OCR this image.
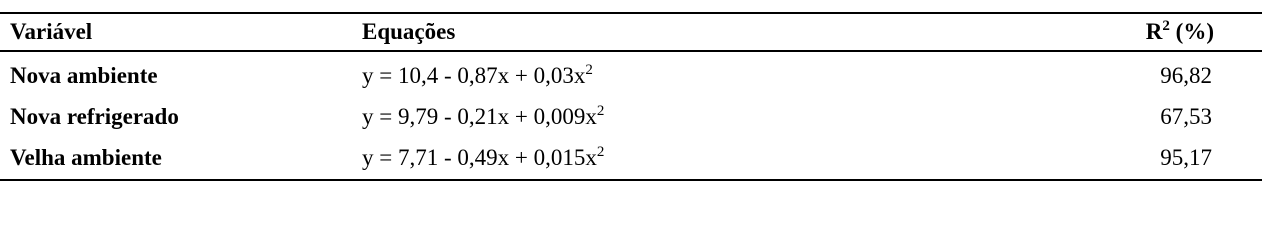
Variável	Equações	$R^2$ (%)
Nova ambiente	$y = 10,4 - 0,87x + 0,03x^2$	96,82
Nova refrigerado	$y = 9,79 - 0,21x + 0,009x^2$	67,53
Velha ambiente	$y = 7,71 - 0,49x + 0,015x^2$	95,17
